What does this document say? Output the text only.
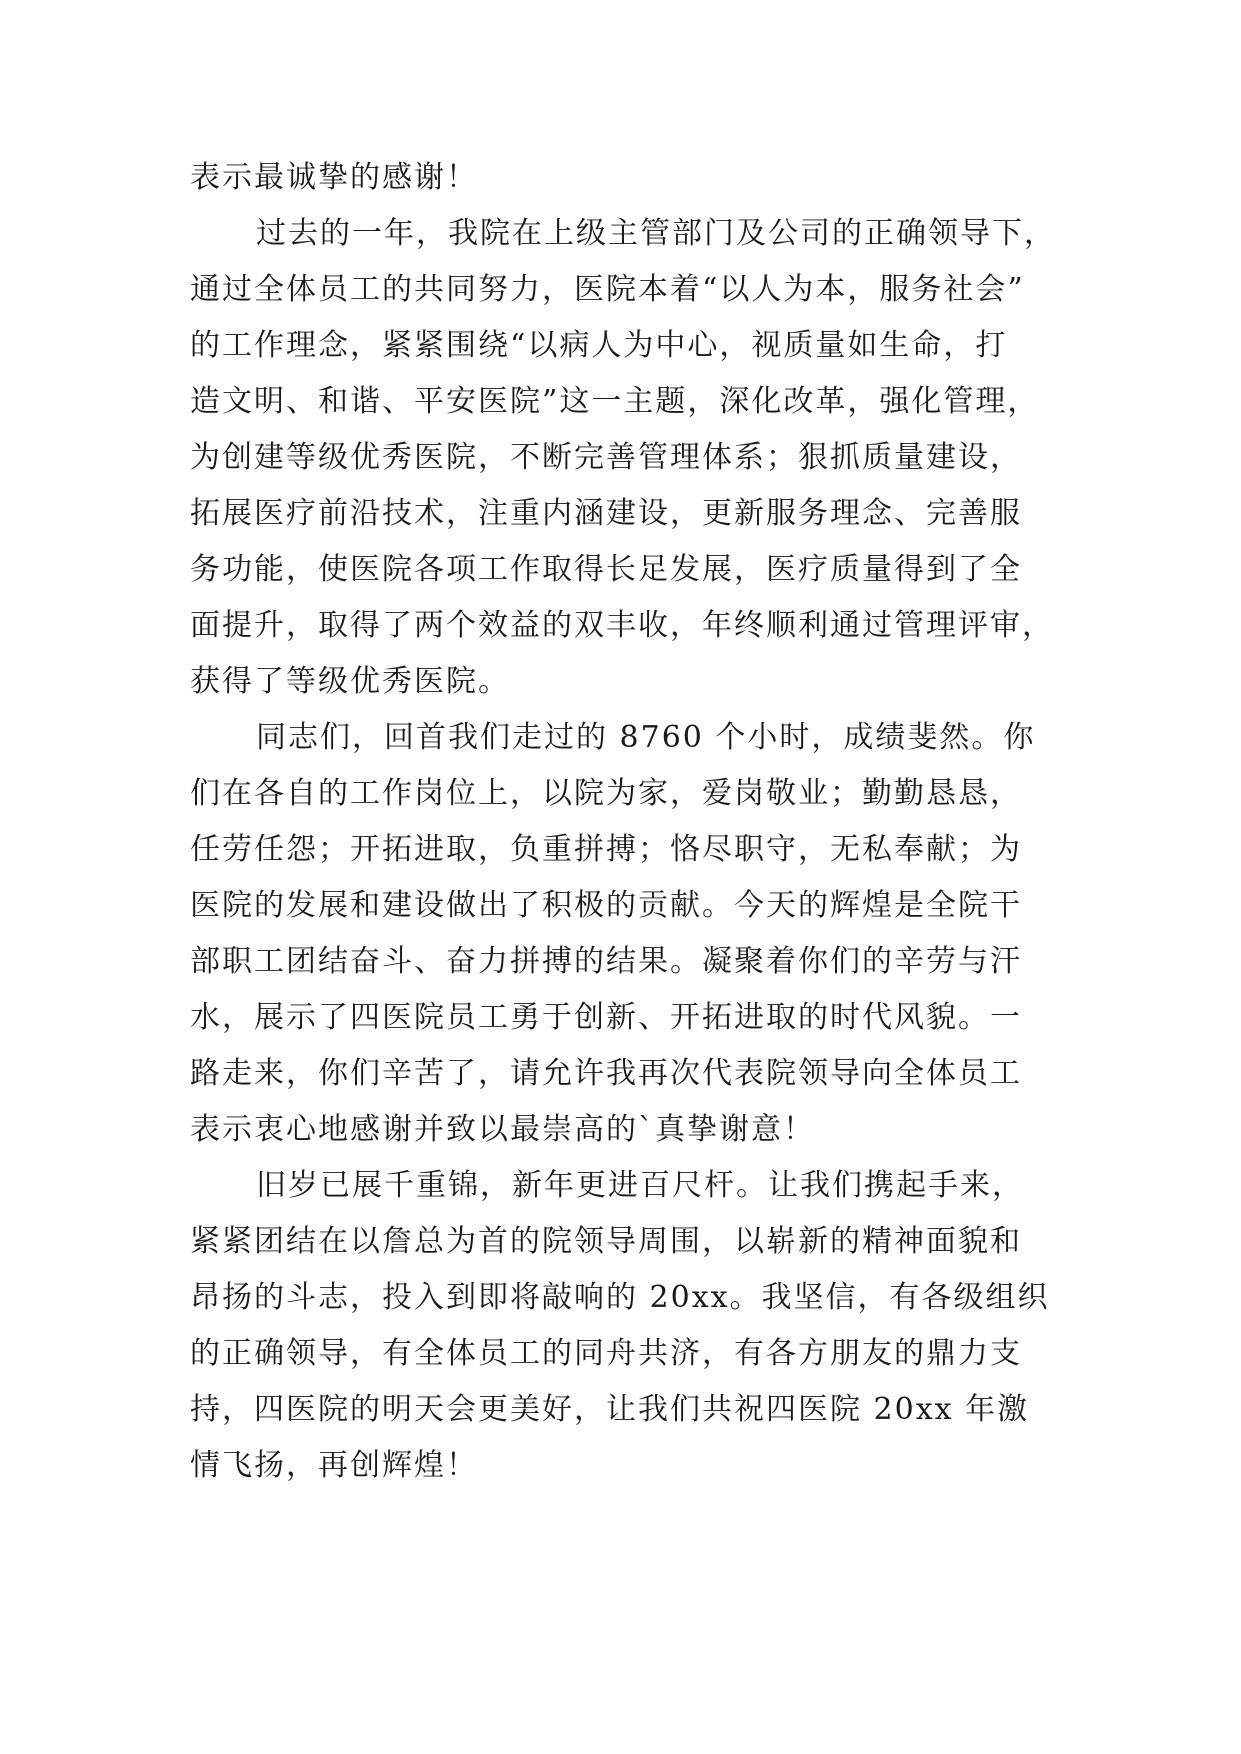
表示最诚挚的感谢！
过去的一年，我院在上级主管部门及公司的正确领导下，
通过全体员工的共同努力，医院本着“以人为本，服务社会”
的工作理念，紧紧围绕“以病人为中心，视质量如生命，打
造文明、和谐、平安医院”这一主题，深化改革，强化管理，
为创建等级优秀医院，不断完善管理体系；狠抓质量建设，
拓展医疗前沿技术，注重内涵建设，更新服务理念、完善服
务功能，使医院各项工作取得长足发展，医疗质量得到了全
面提升，取得了两个效益的双丰收，年终顺利通过管理评审，
获得了等级优秀医院。
同志们，回首我们走过的 8760 个小时，成绩斐然。你
们在各自的工作岗位上，以院为家，爱岗敬业；勤勤恳恳，
任劳任怨；开拓进取，负重拼搏；恪尽职守，无私奉献；为
医院的发展和建设做出了积极的贡献。今天的辉煌是全院干
部职工团结奋斗、奋力拼搏的结果。凝聚着你们的辛劳与汗
水，展示了四医院员工勇于创新、开拓进取的时代风貌。一
路走来，你们辛苦了，请允许我再次代表院领导向全体员工
表示衷心地感谢并致以最崇高的`真挚谢意！
旧岁已展千重锦，新年更进百尺杆。让我们携起手来，
紧紧团结在以詹总为首的院领导周围，以崭新的精神面貌和
昂扬的斗志，投入到即将敲响的 20xx。我坚信，有各级组织
的正确领导，有全体员工的同舟共济，有各方朋友的鼎力支
持，四医院的明天会更美好，让我们共祝四医院 20xx 年激
情飞扬，再创辉煌！
